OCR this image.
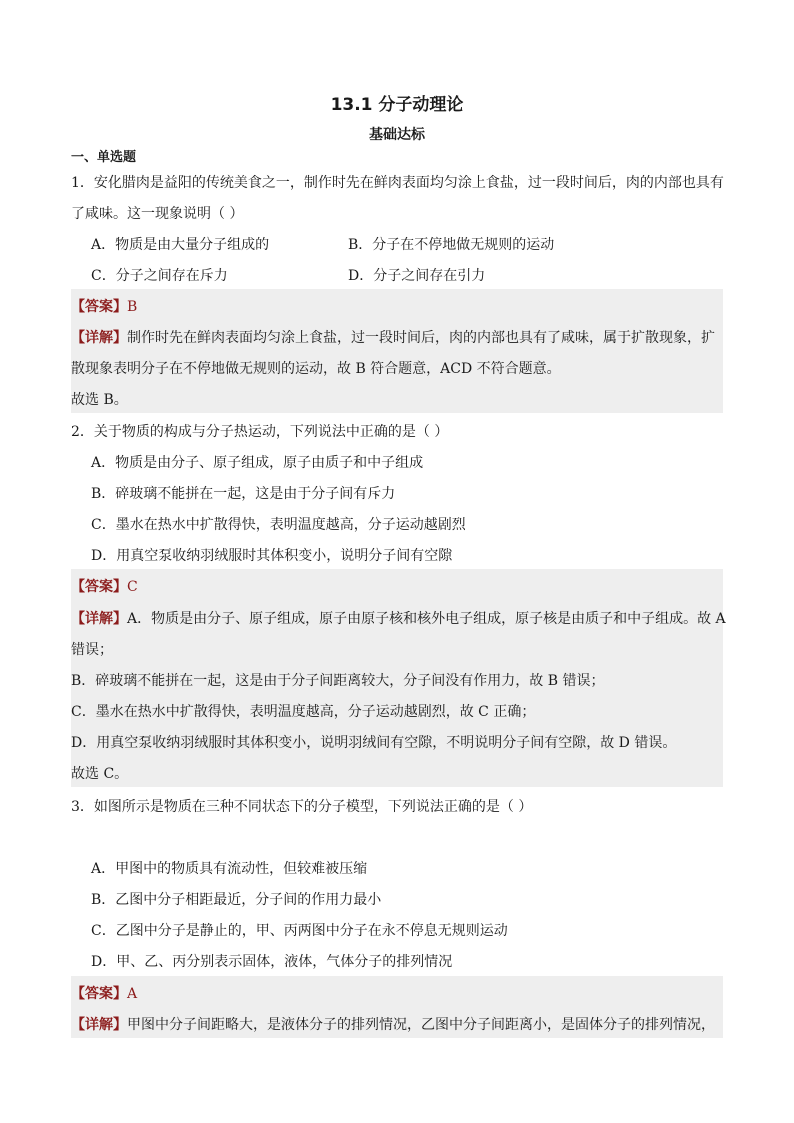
13.1 分子动理论
基础达标
一、单选题
1．安化腊肉是益阳的传统美食之一，制作时先在鲜肉表面均匀涂上食盐，过一段时间后，肉的内部也具有
了咸味。这一现象说明（ ）
A．物质是由大量分子组成的	B．分子在不停地做无规则的运动
C．分子之间存在斥力	D．分子之间存在引力
【答案】B
【详解】制作时先在鲜肉表面均匀涂上食盐，过一段时间后，肉的内部也具有了咸味，属于扩散现象，扩
散现象表明分子在不停地做无规则的运动，故 B 符合题意，ACD 不符合题意。
故选 B。
2．关于物质的构成与分子热运动，下列说法中正确的是（ ）
A．物质是由分子、原子组成，原子由质子和中子组成
B．碎玻璃不能拼在一起，这是由于分子间有斥力
C．墨水在热水中扩散得快，表明温度越高，分子运动越剧烈
D．用真空泵收纳羽绒服时其体积变小，说明分子间有空隙
【答案】C
【详解】A．物质是由分子、原子组成，原子由原子核和核外电子组成，原子核是由质子和中子组成。故 A
错误；
B．碎玻璃不能拼在一起，这是由于分子间距离较大，分子间没有作用力，故 B 错误；
C．墨水在热水中扩散得快，表明温度越高，分子运动越剧烈，故 C 正确；
D．用真空泵收纳羽绒服时其体积变小，说明羽绒间有空隙，不明说明分子间有空隙，故 D 错误。
故选 C。
3．如图所示是物质在三种不同状态下的分子模型，下列说法正确的是（ ）
A．甲图中的物质具有流动性，但较难被压缩
B．乙图中分子相距最近，分子间的作用力最小
C．乙图中分子是静止的，甲、丙两图中分子在永不停息无规则运动
D．甲、乙、丙分别表示固体，液体，气体分子的排列情况
【答案】A
【详解】甲图中分子间距略大，是液体分子的排列情况，乙图中分子间距离小，是固体分子的排列情况，
